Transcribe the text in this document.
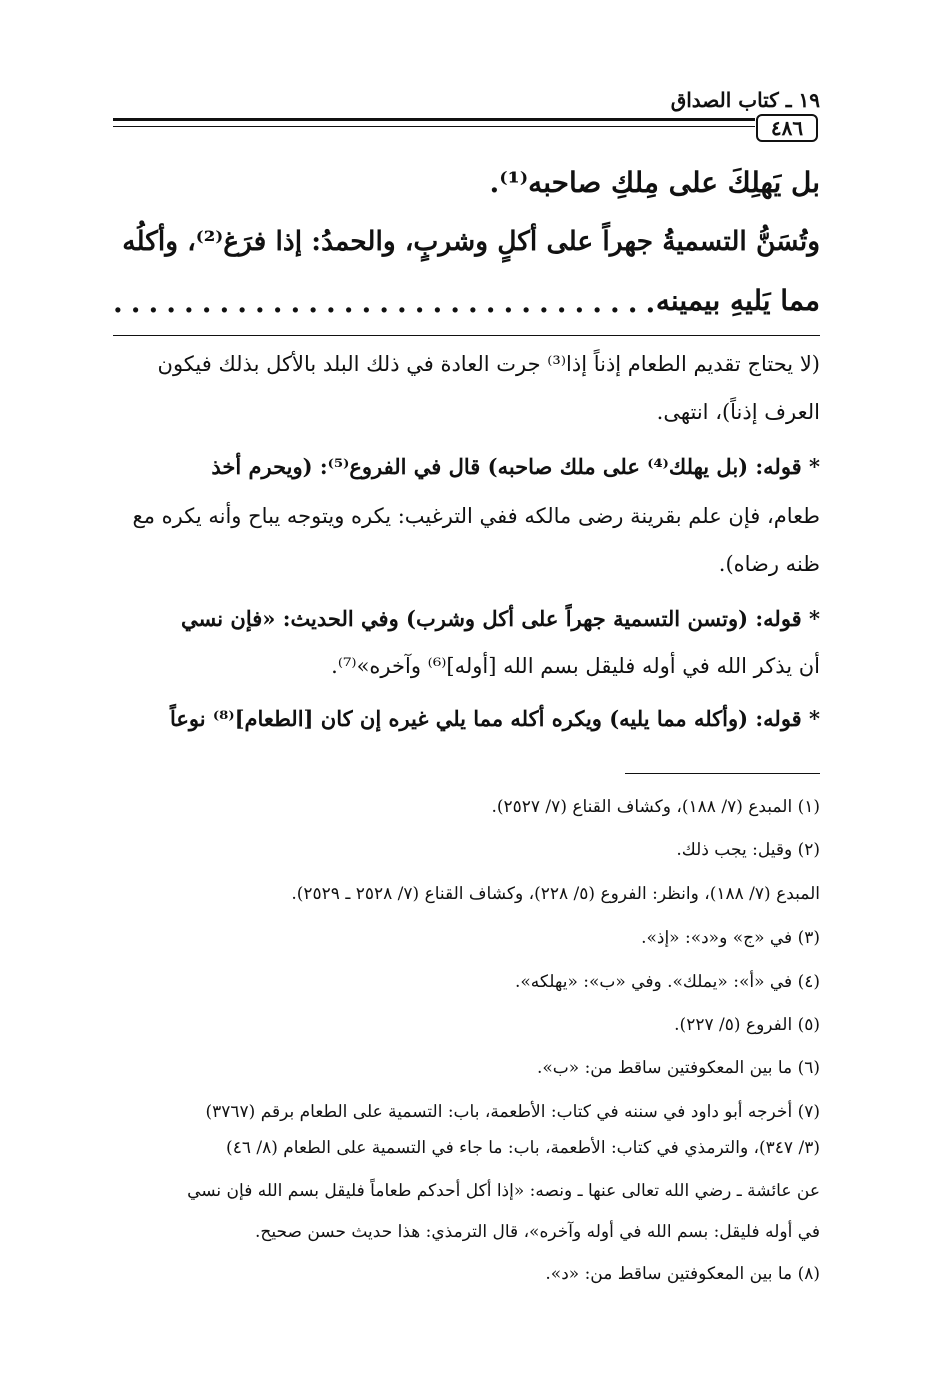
١٩ ـ كتاب الصداق
٤٨٦
بل يَهلِكَ على مِلكِ صاحبه⁽¹⁾.
وتُسَنُّ التسميةُ جهراً على أكلٍ وشربٍ، والحمدُ: إذا فرَغ⁽²⁾، وأكلُه
مما يَليهِ بيمينه
...............................
(لا يحتاج تقديم الطعام إذناً إذا⁽³⁾ جرت العادة في ذلك البلد بالأكل بذلك فيكون
العرف إذناً)، انتهى.
* قوله: (بل يهلك⁽⁴⁾ على ملك صاحبه) قال في الفروع⁽⁵⁾: (ويحرم أخذ
طعام، فإن علم بقرينة رضى مالكه ففي الترغيب: يكره ويتوجه يباح وأنه يكره مع
ظنه رضاه).
* قوله: (وتسن التسمية جهراً على أكل وشرب) وفي الحديث: «فإن نسي
أن يذكر الله في أوله فليقل بسم الله [أوله]⁽⁶⁾ وآخره»⁽⁷⁾.
* قوله: (وأكله مما يليه) ويكره أكله مما يلي غيره إن كان [الطعام]⁽⁸⁾ نوعاً
(١) المبدع (٧/ ١٨٨)، وكشاف القناع (٧/ ٢٥٢٧).
(٢) وقيل: يجب ذلك.
المبدع (٧/ ١٨٨)، وانظر: الفروع (٥/ ٢٢٨)، وكشاف القناع (٧/ ٢٥٢٨ ـ ٢٥٢٩).
(٣) في «ج» و«د»: «إذ».
(٤) في «أ»: «يملك». وفي «ب»: «يهلكه».
(٥) الفروع (٥/ ٢٢٧).
(٦) ما بين المعكوفتين ساقط من: «ب».
(٧) أخرجه أبو داود في سننه في كتاب: الأطعمة، باب: التسمية على الطعام برقم (٣٧٦٧)
(٣/ ٣٤٧)، والترمذي في كتاب: الأطعمة، باب: ما جاء في التسمية على الطعام (٨/ ٤٦)
عن عائشة ـ رضي الله تعالى عنها ـ ونصه: «إذا أكل أحدكم طعاماً فليقل بسم الله فإن نسي
في أوله فليقل: بسم الله في أوله وآخره»، قال الترمذي: هذا حديث حسن صحيح.
(٨) ما بين المعكوفتين ساقط من: «د».
